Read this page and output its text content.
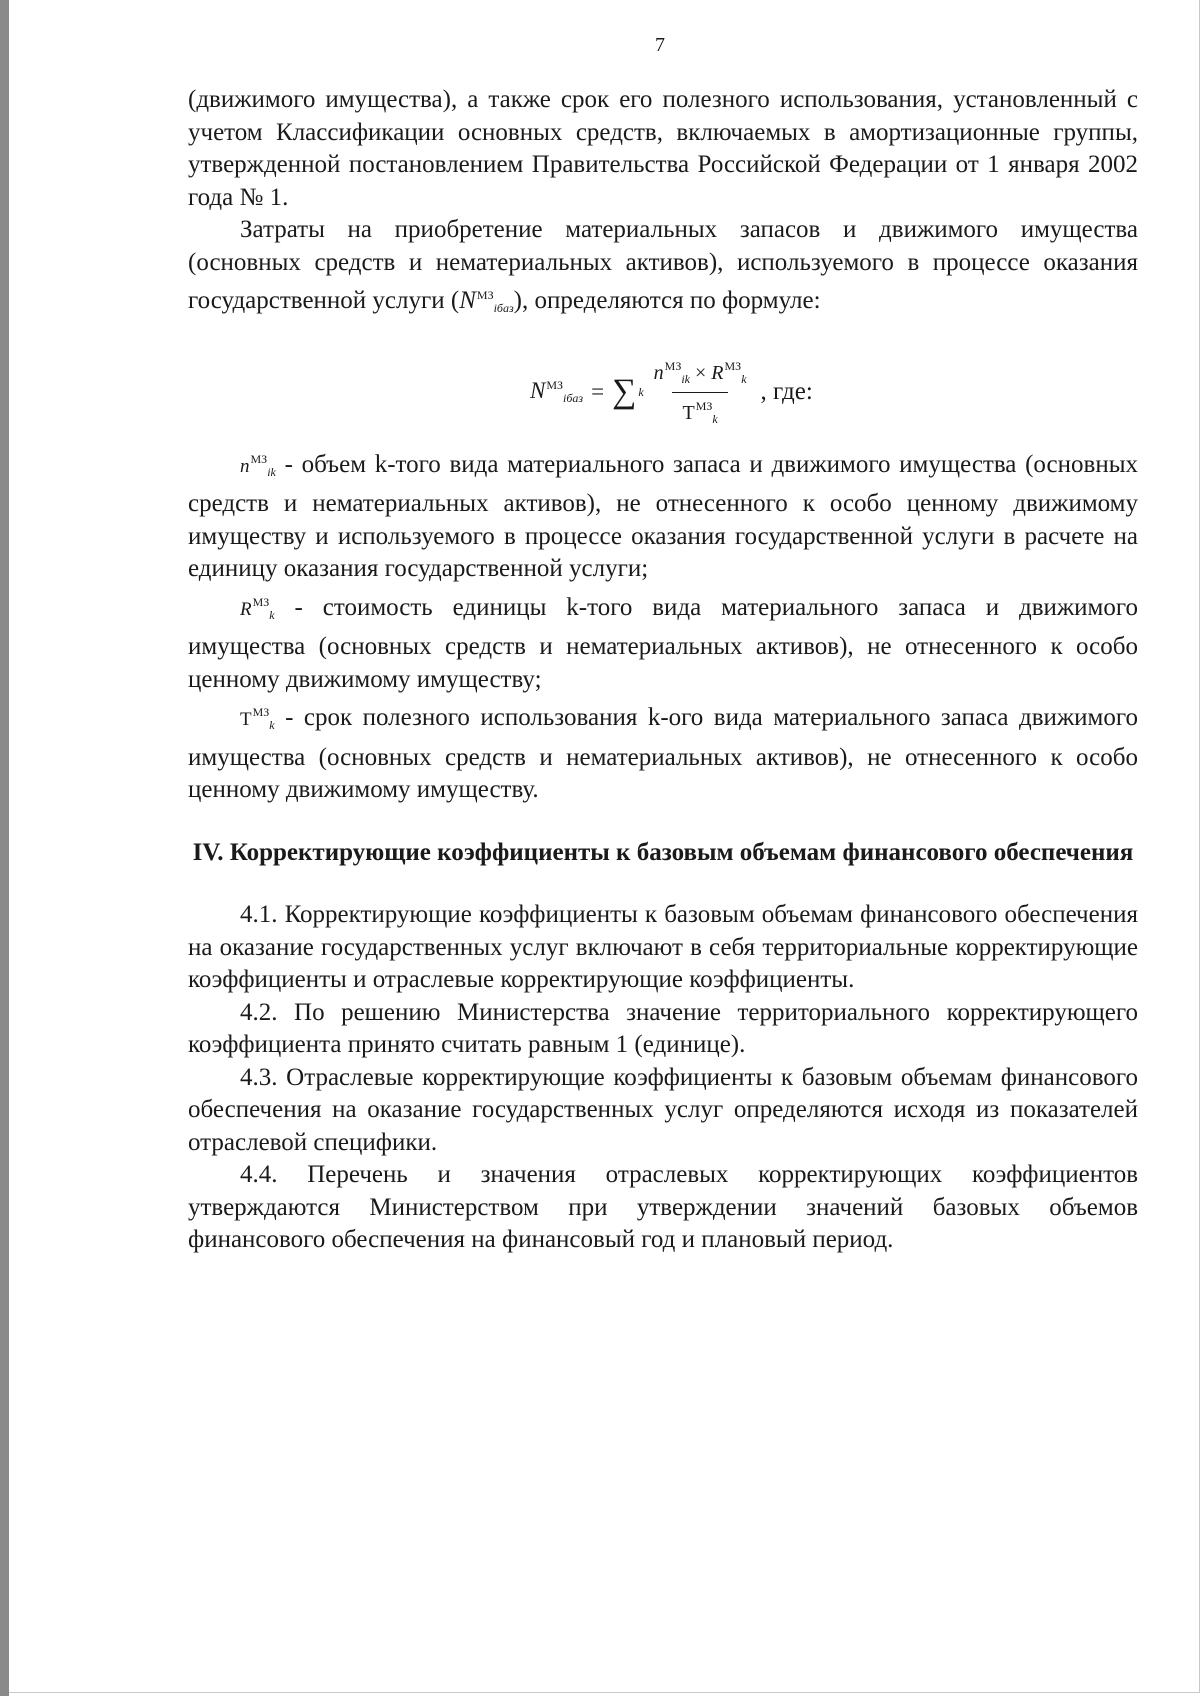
7

(движимого имущества), а также срок его полезного использования, установленный с учетом Классификации основных средств, включаемых в амортизационные группы, утвержденной постановлением Правительства Российской Федерации от 1 января 2002 года № 1.

Затраты на приобретение материальных запасов и движимого имущества (основных средств и нематериальных активов), используемого в процессе оказания государственной услуги $(N^{МЗ}_{iбаз})$, определяются по формуле:

$N^{МЗ}_{iбаз}$ = ∑ k $\frac{n^{МЗ}_{ik} \times R^{МЗ}_k}{Т^{МЗ}_k}$ , где:

$n^{МЗ}_{ik}$ - объем k-того вида материального запаса и движимого имущества (основных средств и нематериальных активов), не отнесенного к особо ценному движимому имуществу и используемого в процессе оказания государственной услуги в расчете на единицу оказания государственной услуги;

$R^{МЗ}_k$ - стоимость единицы k-того вида материального запаса и движимого имущества (основных средств и нематериальных активов), не отнесенного к особо ценному движимому имуществу;

$Т^{МЗ}_k$ - срок полезного использования k-ого вида материального запаса движимого имущества (основных средств и нематериальных активов), не отнесенного к особо ценному движимому имуществу.

IV. Корректирующие коэффициенты к базовым объемам финансового обеспечения

4.1. Корректирующие коэффициенты к базовым объемам финансового обеспечения на оказание государственных услуг включают в себя территориальные корректирующие коэффициенты и отраслевые корректирующие коэффициенты.

4.2. По решению Министерства значение территориального корректирующего коэффициента принято считать равным 1 (единице).

4.3. Отраслевые корректирующие коэффициенты к базовым объемам финансового обеспечения на оказание государственных услуг определяются исходя из показателей отраслевой специфики.

4.4. Перечень и значения отраслевых корректирующих коэффициентов утверждаются Министерством при утверждении значений базовых объемов финансового обеспечения на финансовый год и плановый период.
